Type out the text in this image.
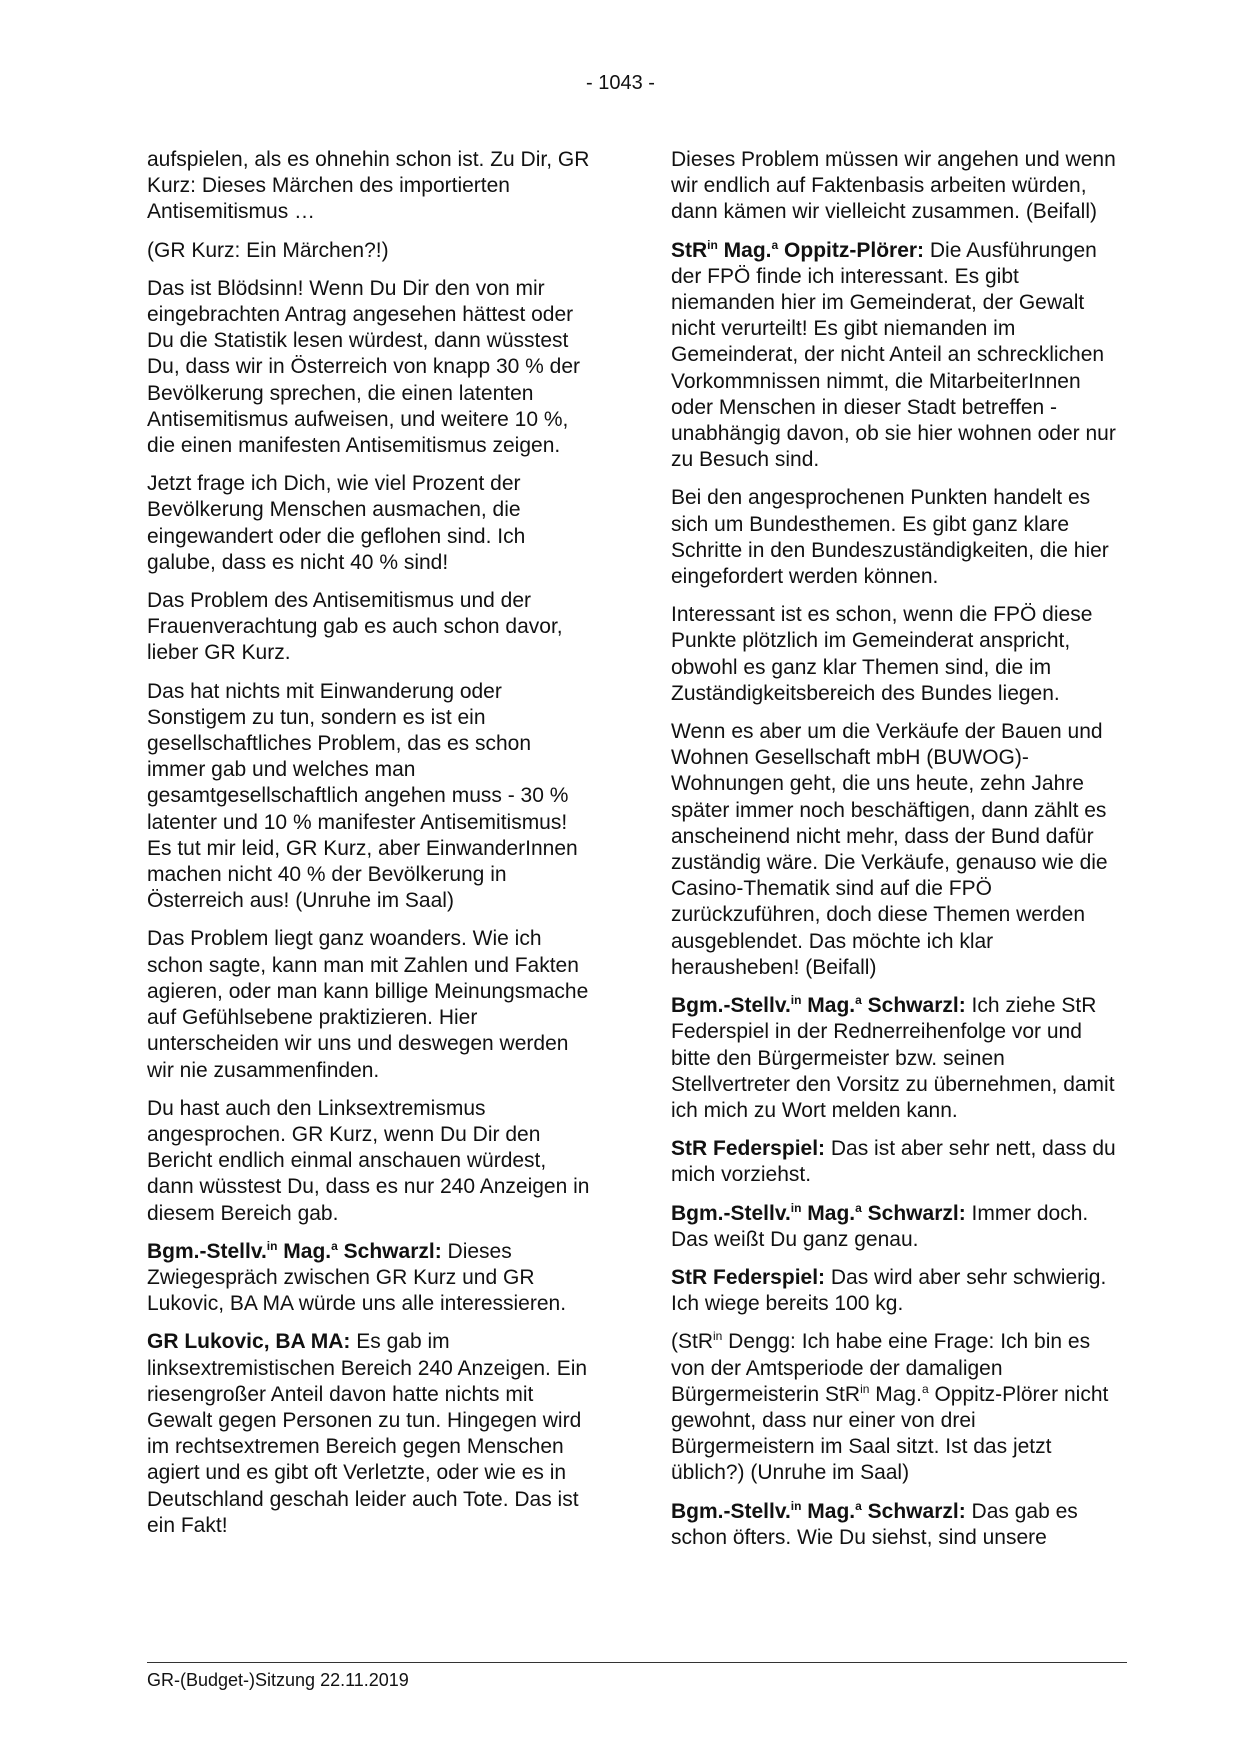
- 1043 -

aufspielen, als es ohnehin schon ist. Zu Dir, GR Kurz: Dieses Märchen des importierten Antisemitismus …

(GR Kurz: Ein Märchen?!)

Das ist Blödsinn! Wenn Du Dir den von mir eingebrachten Antrag angesehen hättest oder Du die Statistik lesen würdest, dann wüsstest Du, dass wir in Österreich von knapp 30 % der Bevölkerung sprechen, die einen latenten Antisemitismus aufweisen, und weitere 10 %, die einen manifesten Antisemitismus zeigen.

Jetzt frage ich Dich, wie viel Prozent der Bevölkerung Menschen ausmachen, die eingewandert oder die geflohen sind. Ich galube, dass es nicht 40 % sind!

Das Problem des Antisemitismus und der Frauenverachtung gab es auch schon davor, lieber GR Kurz.

Das hat nichts mit Einwanderung oder Sonstigem zu tun, sondern es ist ein gesellschaftliches Problem, das es schon immer gab und welches man gesamtgesellschaftlich angehen muss - 30 % latenter und 10 % manifester Antisemitismus! Es tut mir leid, GR Kurz, aber EinwanderInnen machen nicht 40 % der Bevölkerung in Österreich aus! (Unruhe im Saal)

Das Problem liegt ganz woanders. Wie ich schon sagte, kann man mit Zahlen und Fakten agieren, oder man kann billige Meinungsmache auf Gefühlsebene praktizieren. Hier unterscheiden wir uns und deswegen werden wir nie zusammenfinden.

Du hast auch den Linksextremismus angesprochen. GR Kurz, wenn Du Dir den Bericht endlich einmal anschauen würdest, dann wüsstest Du, dass es nur 240 Anzeigen in diesem Bereich gab.

Bgm.-Stellv.$^{in}$ Mag.$^a$ Schwarzl: Dieses Zwiegespräch zwischen GR Kurz und GR Lukovic, BA MA würde uns alle interessieren.

GR Lukovic, BA MA: Es gab im linksextremistischen Bereich 240 Anzeigen. Ein riesengroßer Anteil davon hatte nichts mit Gewalt gegen Personen zu tun. Hingegen wird im rechtsextremen Bereich gegen Menschen agiert und es gibt oft Verletzte, oder wie es in Deutschland geschah leider auch Tote. Das ist ein Fakt!

Dieses Problem müssen wir angehen und wenn wir endlich auf Faktenbasis arbeiten würden, dann kämen wir vielleicht zusammen. (Beifall)

StR$^{in}$ Mag.$^a$ Oppitz-Plörer: Die Ausführungen der FPÖ finde ich interessant. Es gibt niemanden hier im Gemeinderat, der Gewalt nicht verurteilt! Es gibt niemanden im Gemeinderat, der nicht Anteil an schrecklichen Vorkommnissen nimmt, die MitarbeiterInnen oder Menschen in dieser Stadt betreffen - unabhängig davon, ob sie hier wohnen oder nur zu Besuch sind.

Bei den angesprochenen Punkten handelt es sich um Bundesthemen. Es gibt ganz klare Schritte in den Bundeszuständigkeiten, die hier eingefordert werden können.

Interessant ist es schon, wenn die FPÖ diese Punkte plötzlich im Gemeinderat anspricht, obwohl es ganz klar Themen sind, die im Zuständigkeitsbereich des Bundes liegen.

Wenn es aber um die Verkäufe der Bauen und Wohnen Gesellschaft mbH (BUWOG)-Wohnungen geht, die uns heute, zehn Jahre später immer noch beschäftigen, dann zählt es anscheinend nicht mehr, dass der Bund dafür zuständig wäre. Die Verkäufe, genauso wie die Casino-Thematik sind auf die FPÖ zurückzuführen, doch diese Themen werden ausgeblendet. Das möchte ich klar herausheben! (Beifall)

Bgm.-Stellv.$^{in}$ Mag.$^a$ Schwarzl: Ich ziehe StR Federspiel in der Rednerreihenfolge vor und bitte den Bürgermeister bzw. seinen Stellvertreter den Vorsitz zu übernehmen, damit ich mich zu Wort melden kann.

StR Federspiel: Das ist aber sehr nett, dass du mich vorziehst.

Bgm.-Stellv.$^{in}$ Mag.$^a$ Schwarzl: Immer doch. Das weißt Du ganz genau.

StR Federspiel: Das wird aber sehr schwierig. Ich wiege bereits 100 kg.

(StR$^{in}$ Dengg: Ich habe eine Frage: Ich bin es von der Amtsperiode der damaligen Bürgermeisterin StR$^{in}$ Mag.$^a$ Oppitz-Plörer nicht gewohnt, dass nur einer von drei Bürgermeistern im Saal sitzt. Ist das jetzt üblich?) (Unruhe im Saal)

Bgm.-Stellv.$^{in}$ Mag.$^a$ Schwarzl: Das gab es schon öfters. Wie Du siehst, sind unsere

GR-(Budget-)Sitzung 22.11.2019
